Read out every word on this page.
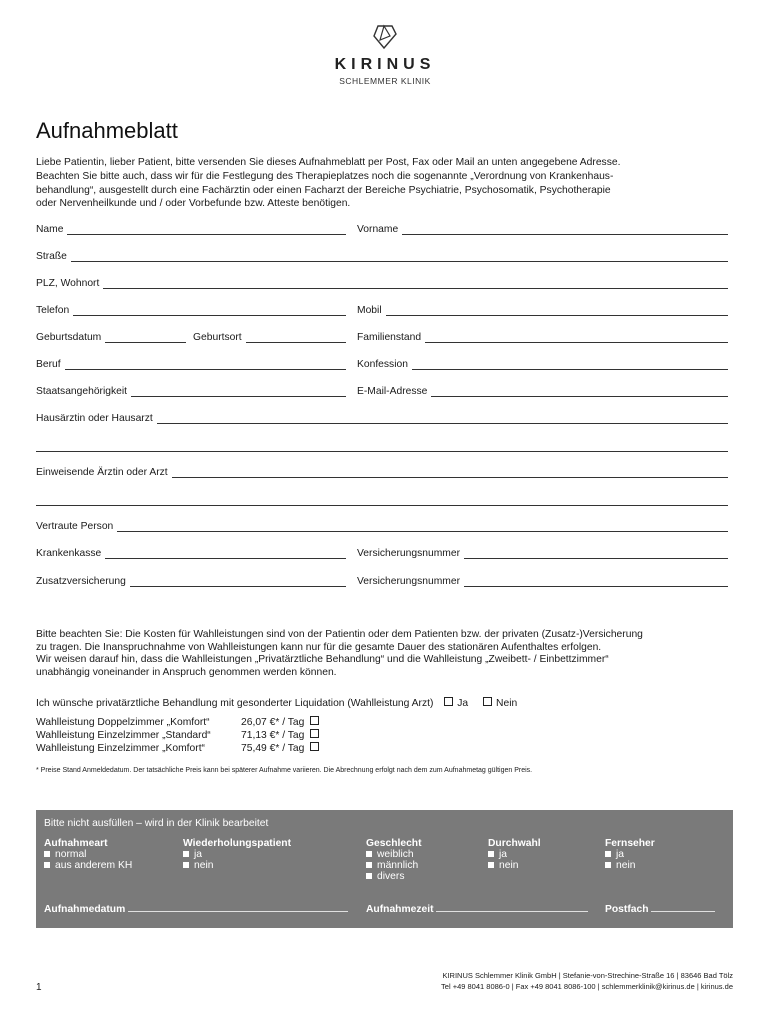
KIRINUS
SCHLEMMER KLINIK
Aufnahmeblatt
Liebe Patientin, lieber Patient, bitte versenden Sie dieses Aufnahmeblatt per Post, Fax oder Mail an unten angegebene Adresse.
Beachten Sie bitte auch, dass wir für die Festlegung des Therapieplatzes noch die sogenannte „Verordnung von Krankenhaus-
behandlung“, ausgestellt durch eine Fachärztin oder einen Facharzt der Bereiche Psychiatrie, Psychosomatik, Psychotherapie
oder Nervenheilkunde und / oder Vorbefunde bzw. Atteste benötigen.
Name	Vorname
Straße
PLZ, Wohnort
Telefon	Mobil
Geburtsdatum	Geburtsort	Familienstand
Beruf	Konfession
Staatsangehörigkeit	E-Mail-Adresse
Hausärztin oder Hausarzt
Einweisende Ärztin oder Arzt
Vertraute Person
Krankenkasse	Versicherungsnummer
Zusatzversicherung	Versicherungsnummer
Bitte beachten Sie: Die Kosten für Wahlleistungen sind von der Patientin oder dem Patienten bzw. der privaten (Zusatz-)Versicherung
zu tragen. Die Inanspruchnahme von Wahlleistungen kann nur für die gesamte Dauer des stationären Aufenthaltes erfolgen.
Wir weisen darauf hin, dass die Wahlleistungen „Privatärztliche Behandlung“ und die Wahlleistung „Zweibett- / Einbettzimmer“
unabhängig voneinander in Anspruch genommen werden können.
Ich wünsche privatärztliche Behandlung mit gesonderter Liquidation (Wahlleistung Arzt) Ja	Nein
Wahlleistung Doppelzimmer „Komfort“	26,07 €* / Tag
Wahlleistung Einzelzimmer „Standard“	71,13 €* / Tag
Wahlleistung Einzelzimmer „Komfort“	75,49 €* / Tag
* Preise Stand Anmeldedatum. Der tatsächliche Preis kann bei späterer Aufnahme variieren. Die Abrechnung erfolgt nach dem zum Aufnahmetag gültigen Preis.
Bitte nicht ausfüllen – wird in der Klinik bearbeitet
Aufnahmeart
normal
aus anderem KH
Wiederholungspatient
ja
nein
Geschlecht
weiblich
männlich
divers
Durchwahl
ja
nein
Fernseher
ja
nein
Aufnahmedatum	Aufnahmezeit	Postfach
KIRINUS Schlemmer Klinik GmbH | Stefanie-von-Strechine-Straße 16 | 83646 Bad Tölz
Tel +49 8041 8086-0 | Fax +49 8041 8086-100 | schlemmerklinik@kirinus.de | kirinus.de
1
